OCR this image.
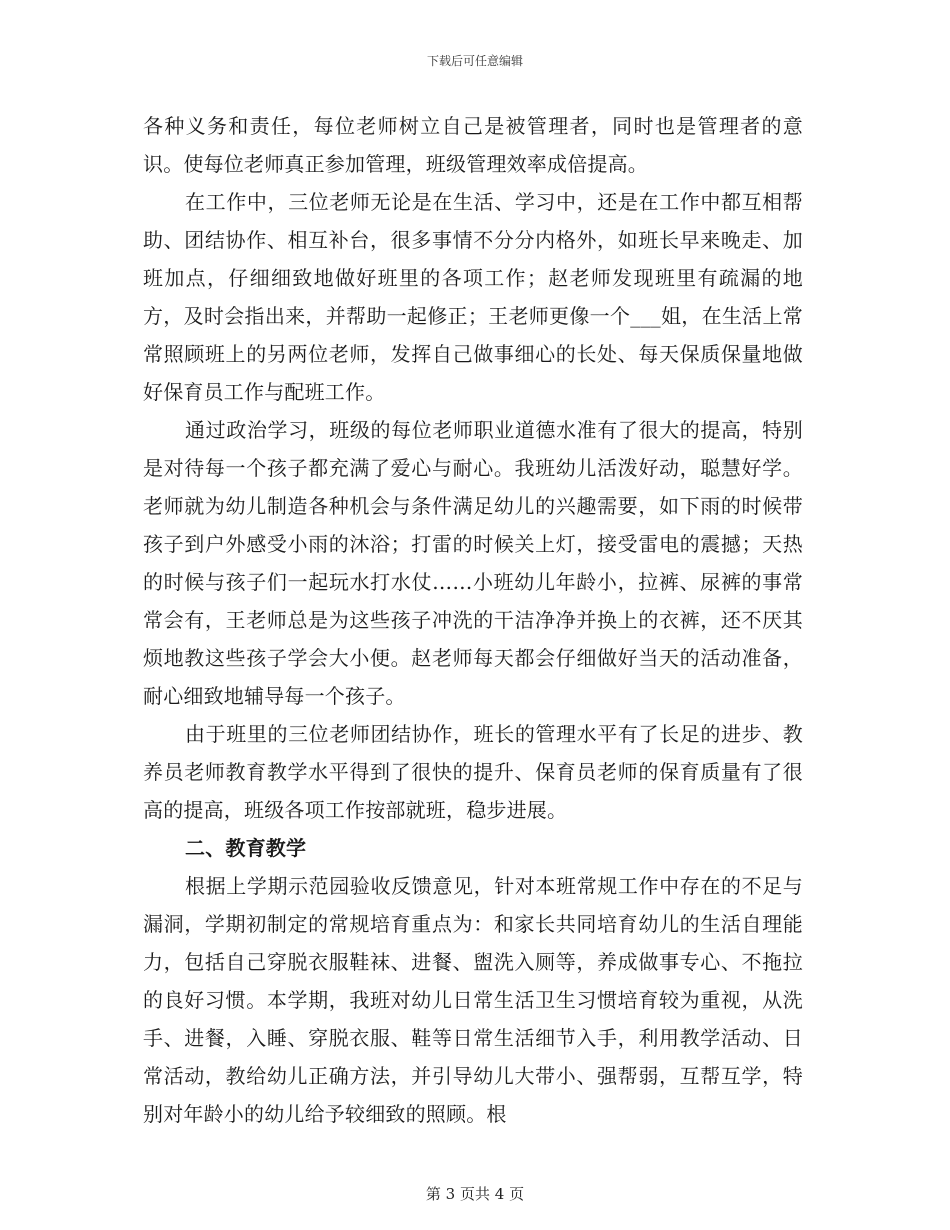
下载后可任意编辑

各种义务和责任，每位老师树立自己是被管理者，同时也是管理者的意识。使每位老师真正参加管理，班级管理效率成倍提高。

在工作中，三位老师无论是在生活、学习中，还是在工作中都互相帮助、团结协作、相互补台，很多事情不分分内格外，如班长早来晚走、加班加点，仔细细致地做好班里的各项工作；赵老师发现班里有疏漏的地方，及时会指出来，并帮助一起修正；王老师更像一个___姐，在生活上常常照顾班上的另两位老师，发挥自己做事细心的长处、每天保质保量地做好保育员工作与配班工作。

通过政治学习，班级的每位老师职业道德水准有了很大的提高，特别是对待每一个孩子都充满了爱心与耐心。我班幼儿活泼好动，聪慧好学。老师就为幼儿制造各种机会与条件满足幼儿的兴趣需要，如下雨的时候带孩子到户外感受小雨的沐浴；打雷的时候关上灯，接受雷电的震撼；天热的时候与孩子们一起玩水打水仗……小班幼儿年龄小，拉裤、尿裤的事常常会有，王老师总是为这些孩子冲洗的干洁净净并换上的衣裤，还不厌其烦地教这些孩子学会大小便。赵老师每天都会仔细做好当天的活动准备，耐心细致地辅导每一个孩子。

由于班里的三位老师团结协作，班长的管理水平有了长足的进步、教养员老师教育教学水平得到了很快的提升、保育员老师的保育质量有了很高的提高，班级各项工作按部就班，稳步进展。

二、教育教学

根据上学期示范园验收反馈意见，针对本班常规工作中存在的不足与漏洞，学期初制定的常规培育重点为：和家长共同培育幼儿的生活自理能力，包括自己穿脱衣服鞋袜、进餐、盥洗入厕等，养成做事专心、不拖拉的良好习惯。本学期，我班对幼儿日常生活卫生习惯培育较为重视，从洗手、进餐，入睡、穿脱衣服、鞋等日常生活细节入手，利用教学活动、日常活动，教给幼儿正确方法，并引导幼儿大带小、强帮弱，互帮互学，特别对年龄小的幼儿给予较细致的照顾。根

第 3 页共 4 页
